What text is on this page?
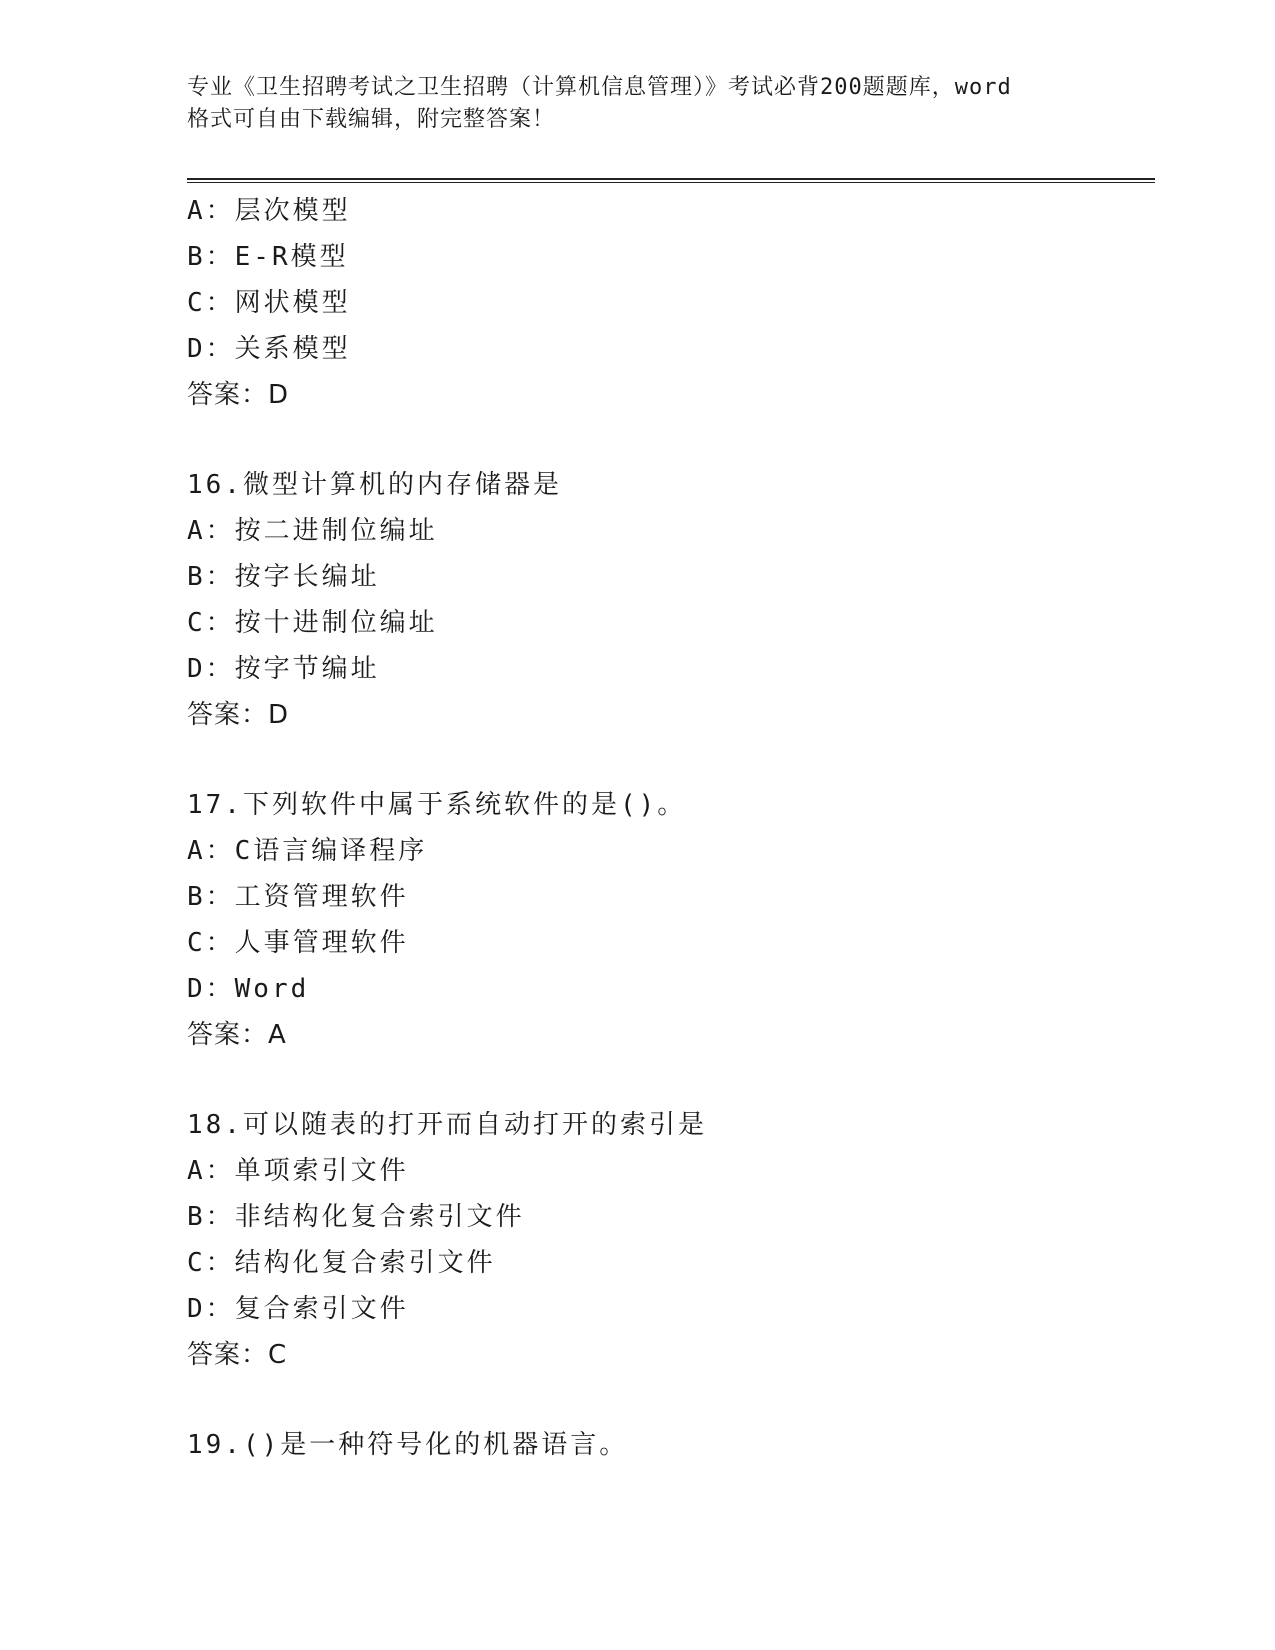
专业《卫生招聘考试之卫生招聘（计算机信息管理）》考试必背200题题库，word
格式可自由下载编辑，附完整答案！
A：层次模型
B：E-R模型
C：网状模型
D：关系模型
答案：D
16.微型计算机的内存储器是
A：按二进制位编址
B：按字长编址
C：按十进制位编址
D：按字节编址
答案：D
17.下列软件中属于系统软件的是()。
A：C语言编译程序
B：工资管理软件
C：人事管理软件
D：Word
答案：A
18.可以随表的打开而自动打开的索引是
A：单项索引文件
B：非结构化复合索引文件
C：结构化复合索引文件
D：复合索引文件
答案：C
19.()是一种符号化的机器语言。
